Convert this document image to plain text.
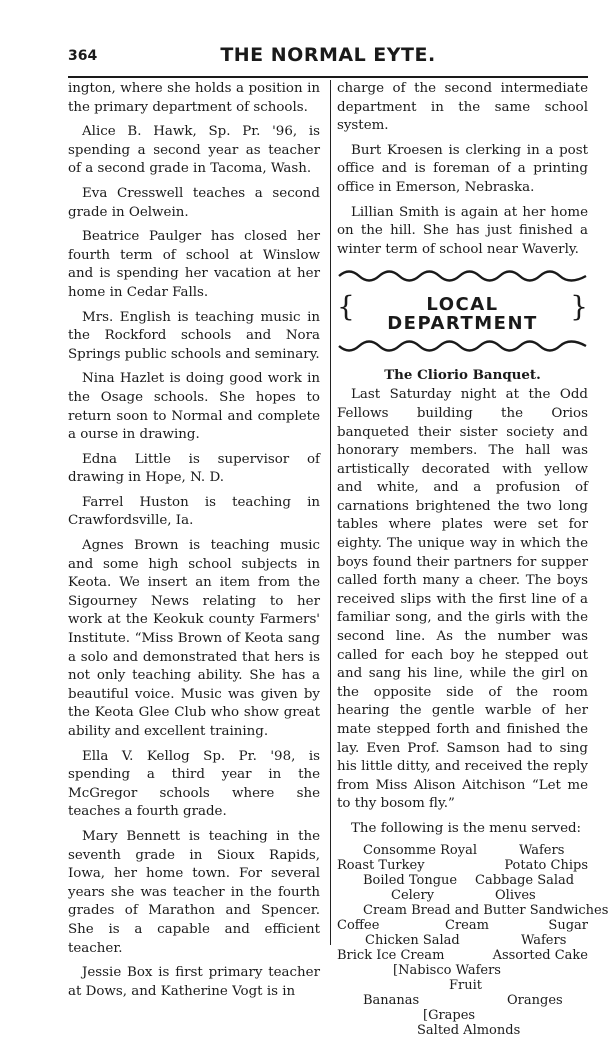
364	THE NORMAL EYTE.

ington, where she holds a position in the primary department of schools.

Alice B. Hawk, Sp. Pr. '96, is spending a second year as teacher of a second grade in Tacoma, Wash.

Eva Cresswell teaches a second grade in Oelwein.

Beatrice Paulger has closed her fourth term of school at Winslow and is spending her vacation at her home in Cedar Falls.

Mrs. English is teaching music in the Rockford schools and Nora Springs public schools and seminary.

Nina Hazlet is doing good work in the Osage schools. She hopes to return soon to Normal and complete a ourse in drawing.

Edna Little is supervisor of drawing in Hope, N. D.

Farrel Huston is teaching in Crawfordsville, Ia.

Agnes Brown is teaching music and some high school subjects in Keota. We insert an item from the Sigourney News relating to her work at the Keokuk county Farmers' Institute. “Miss Brown of Keota sang a solo and demonstrated that hers is not only teaching ability. She has a beautiful voice. Music was given by the Keota Glee Club who show great ability and excellent training.

Ella V. Kellog Sp. Pr. '98, is spending a third year in the McGregor schools where she teaches a fourth grade.

Mary Bennett is teaching in the seventh grade in Sioux Rapids, Iowa, her home town. For several years she was teacher in the fourth grades of Marathon and Spencer. She is a capable and efficient teacher.

Jessie Box is first primary teacher at Dows, and Katherine Vogt is in

charge of the second intermediate department in the same school system.

Burt Kroesen is clerking in a post office and is foreman of a printing office in Emerson, Nebraska.

Lillian Smith is again at her home on the hill. She has just finished a winter term of school near Waverly.

{	LOCAL DEPARTMENT
}
The Cliorio Banquet.

Last Saturday night at the Odd Fellows building the Orios banqueted their sister society and honorary members. The hall was artistically decorated with yellow and white, and a profusion of carnations brightened the two long tables where plates were set for eighty. The unique way in which the boys found their partners for supper called forth many a cheer. The boys received slips with the first line of a familiar song, and the girls with the second line. As the number was called for each boy he stepped out and sang his line, while the girl on the opposite side of the room hearing the gentle warble of her mate stepped forth and finished the lay. Even Prof. Samson had to sing his little ditty, and received the reply from Miss Alison Aitchison “Let me to thy bosom fly.”

The following is the menu served:

Consomme Royal	Wafers
Roast Turkey	Potato Chips
Boiled Tongue Cabbage Salad
Celery	Olives
Cream Bread and Butter Sandwiches
Coffee	Cream	Sugar
Chicken Salad	Wafers
Brick Ice Cream	Assorted Cake
[Nabisco Wafers
Fruit
Bananas	Oranges
[Grapes
Salted Almonds
